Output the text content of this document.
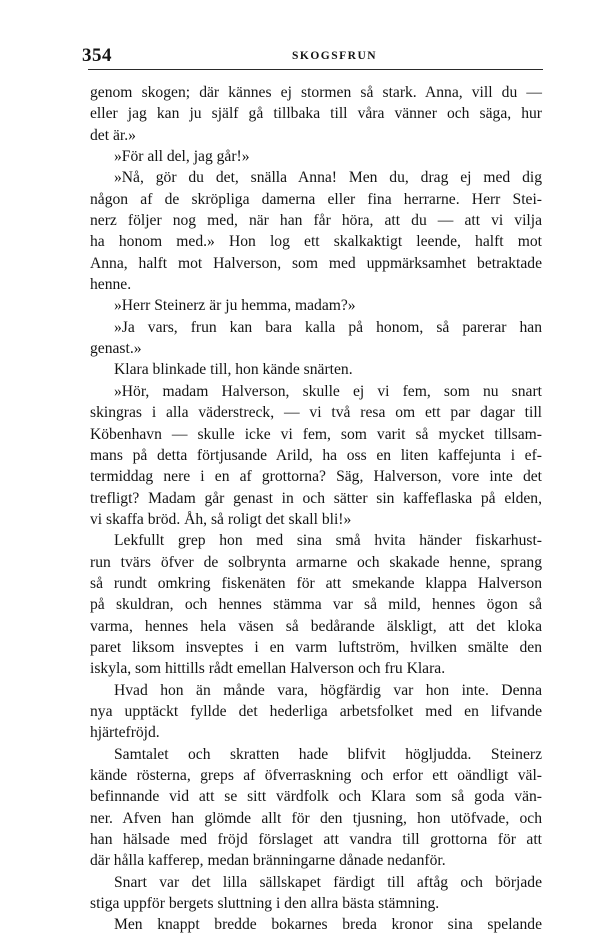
354	SKOGSFRUN
genom skogen; där kännes ej stormen så stark. Anna, vill du —
eller jag kan ju själf gå tillbaka till våra vänner och säga, hur
det är.»
»För all del, jag går!»
»Nå, gör du det, snälla Anna! Men du, drag ej med dig
någon af de skröpliga damerna eller fina herrarne. Herr Stei-
nerz följer nog med, när han får höra, att du — att vi vilja
ha honom med.» Hon log ett skalkaktigt leende, halft mot
Anna, halft mot Halverson, som med uppmärksamhet betraktade
henne.
»Herr Steinerz är ju hemma, madam?»
»Ja vars, frun kan bara kalla på honom, så parerar han
genast.»
Klara blinkade till, hon kände snärten.
»Hör, madam Halverson, skulle ej vi fem, som nu snart
skingras i alla väderstreck, — vi två resa om ett par dagar till
Köbenhavn — skulle icke vi fem, som varit så mycket tillsam-
mans på detta förtjusande Arild, ha oss en liten kaffejunta i ef-
termiddag nere i en af grottorna? Säg, Halverson, vore inte det
trefligt? Madam går genast in och sätter sin kaffeflaska på elden,
vi skaffa bröd. Åh, så roligt det skall bli!»
Lekfullt grep hon med sina små hvita händer fiskarhust-
run tvärs öfver de solbrynta armarne och skakade henne, sprang
så rundt omkring fiskenäten för att smekande klappa Halverson
på skuldran, och hennes stämma var så mild, hennes ögon så
varma, hennes hela väsen så bedårande älskligt, att det kloka
paret liksom insveptes i en varm luftström, hvilken smälte den
iskyla, som hittills rådt emellan Halverson och fru Klara.
Hvad hon än månde vara, högfärdig var hon inte. Denna
nya upptäckt fyllde det hederliga arbetsfolket med en lifvande
hjärtefröjd.
Samtalet och skratten hade blifvit högljudda. Steinerz
kände rösterna, greps af öfverraskning och erfor ett oändligt väl-
befinnande vid att se sitt värdfolk och Klara som så goda vän-
ner. Afven han glömde allt för den tjusning, hon utöfvade, och
han hälsade med fröjd förslaget att vandra till grottorna för att
där hålla kafferep, medan bränningarne dånade nedanför.
Snart var det lilla sällskapet färdigt till aftåg och började
stiga uppför bergets sluttning i den allra bästa stämning.
Men knappt bredde bokarnes breda kronor sina spelande
